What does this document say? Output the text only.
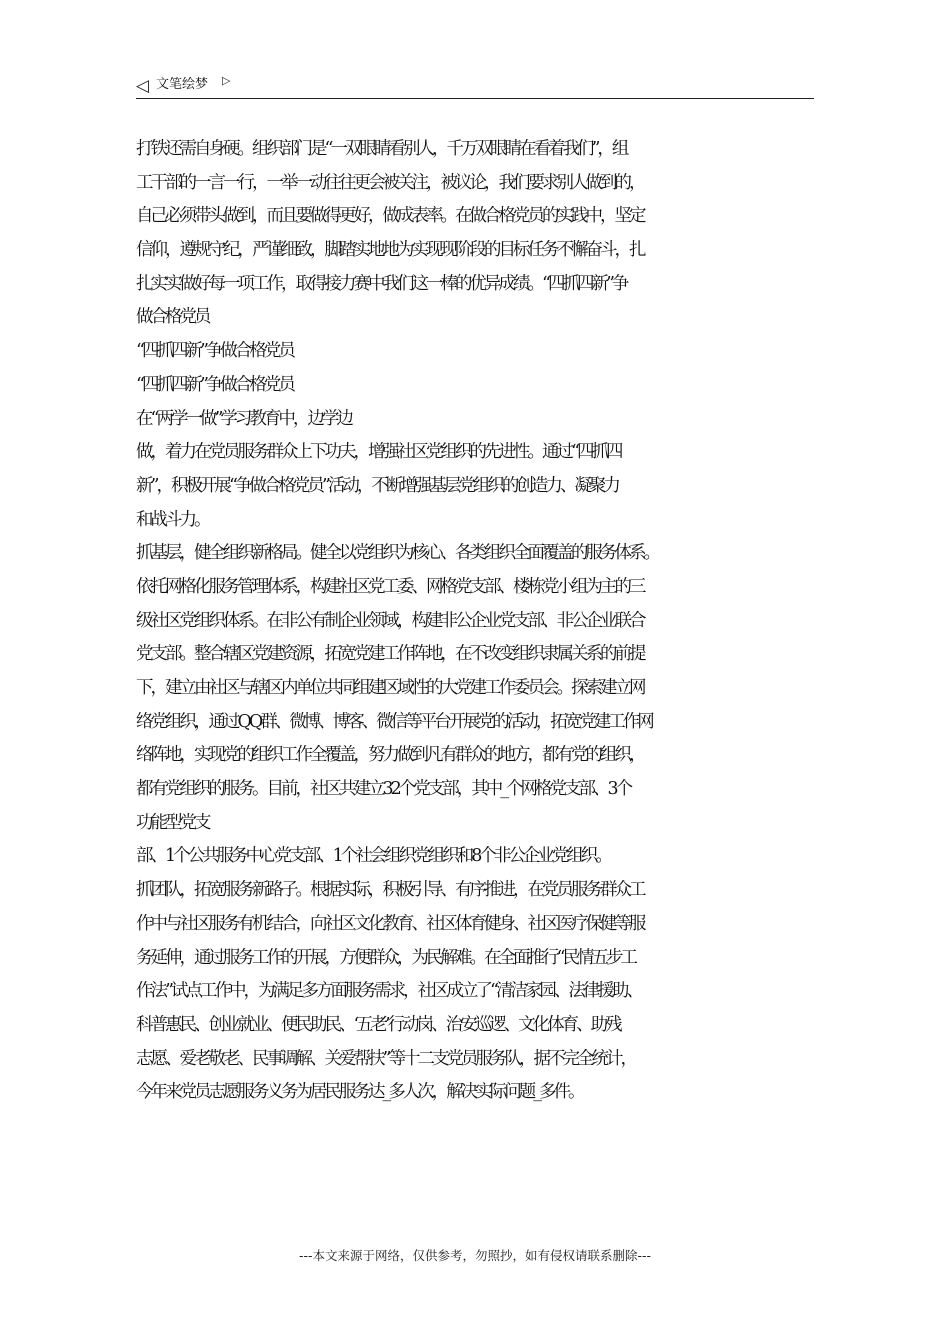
◁ 文笔绘梦 ▷
打铁还需自身硬。组织部门是“一双眼睛看别人，千万双眼睛在看着我们”，组
工干部的一言一行，一举一动往往更会被关注，被议论，我们要求别人做到的，
自己必须带头做到，而且要做得更好，做成表率。在做合格党员的实践中，坚定
信仰，遵规守纪，严谨细致，脚踏实地地为实现现阶段的目标任务不懈奋斗，扎
扎实实做好每一项工作，取得接力赛中我们这一棒的优异成绩。“四抓四新”争
做合格党员
“四抓四新”争做合格党员
“四抓四新”争做合格党员
在“两学一做”学习教育中，边学边
做，着力在党员服务群众上下功夫，增强社区党组织的先进性。通过“四抓四
新”，积极开展“争做合格党员”活动，不断增强基层党组织的创造力、凝聚力
和战斗力。
抓基层，健全组织新格局。健全以党组织为核心、各类组织全面覆盖的服务体系。
依托网格化服务管理体系，构建社区党工委、网格党支部、楼栋党小组为主的三
级社区党组织体系。在非公有制企业领域，构建非公企业党支部、非公企业联合
党支部。整合辖区党建资源，拓宽党建工作阵地，在不改变组织隶属关系的前提
下，建立由社区与辖区内单位共同组建区域性的大党建工作委员会。探索建立网
络党组织，通过QQ群、微博、博客、微信等平台开展党的活动，拓宽党建工作网
络阵地，实现党的组织工作全覆盖，努力做到凡有群众的地方，都有党的组织，
都有党组织的服务。目前，社区共建立32个党支部，其中_个网格党支部、3个
功能型党支
部、1个公共服务中心党支部、1个社会组织党组织和8个非公企业党组织。
抓团队，拓宽服务新路子。根据实际，积极引导、有序推进，在党员服务群众工
作中与社区服务有机结合，向社区文化教育、社区体育健身、社区医疗保健等服
务延伸，通过服务工作的开展，方便群众，为民解难。在全面推行“民情五步工
作法”试点工作中，为满足多方面服务需求，社区成立了“清洁家园、法律援助、
科普惠民、创业就业、便民助民、‘五老’行动岗、治安巡逻、文化体育、助残
志愿、爱老敬老、民事调解、关爱帮扶”等十二支党员服务队，据不完全统计，
今年来党员志愿服务义务为居民服务达_多人次，解决实际问题_多件。
---本文来源于网络，仅供参考，勿照抄，如有侵权请联系删除---
